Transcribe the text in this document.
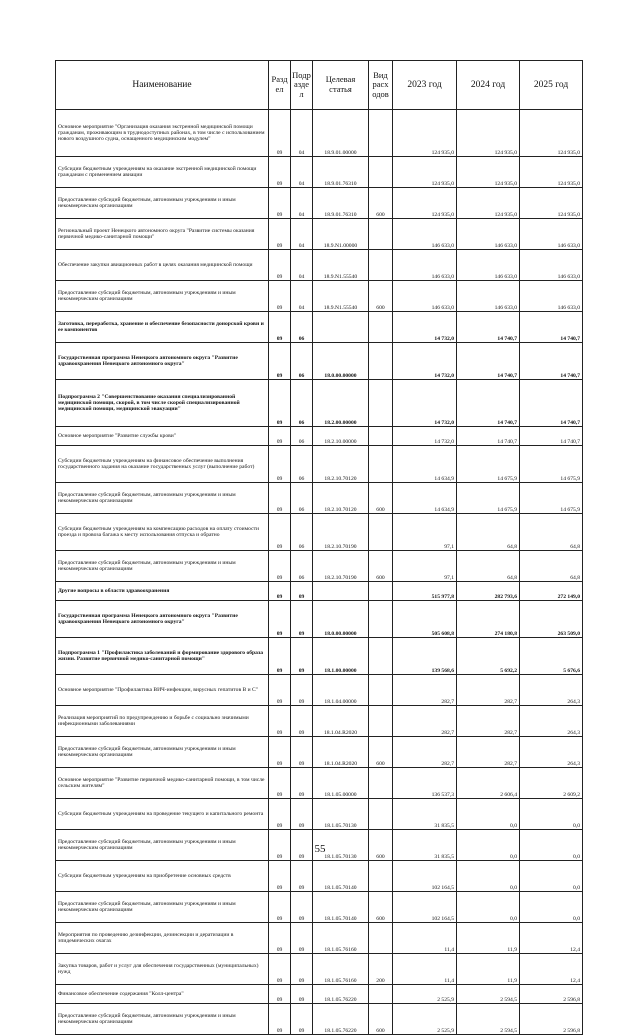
Наименование	Разд ел	Подр азде л	Целевая статья	Вид расх одов	2023 год	2024 год	2025 год
Основное мероприятие "Организация оказания экстренной медицинской помощи гражданам, проживающим в труднодоступных районах, в том числе с использованием нового воздушного судна, оснащенного медицинским модулем"	09	04	18.9.01.00000		124 935,0	124 935,0	124 935,0
Субсидии бюджетным учреждениям на оказание экстренной медицинской помощи гражданам с применением авиации	09	04	18.9.01.76310		124 935,0	124 935,0	124 935,0
Предоставление субсидий бюджетным, автономным учреждениям и иным некоммерческим организациям	09	04	18.9.01.76310	600	124 935,0	124 935,0	124 935,0
Региональный проект Ненецкого автономного округа "Развитие системы оказания первичной медико-санитарной помощи"	09	04	18.9.N1.00000		146 633,0	146 633,0	146 633,0
Обеспечение закупки авиационных работ в целях оказания медицинской помощи	09	04	18.9.N1.55540		146 633,0	146 633,0	146 633,0
Предоставление субсидий бюджетным, автономным учреждениям и иным некоммерческим организациям	09	04	18.9.N1.55540	600	146 633,0	146 633,0	146 633,0
Заготовка, переработка, хранение и обеспечение безопасности донорской крови и ее компонентов	09	06			14 732,0	14 740,7	14 740,7
Государственная программа Ненецкого автономного округа "Развитие здравоохранения Ненецкого автономного округа"	09	06	18.0.00.00000		14 732,0	14 740,7	14 740,7
Подпрограмма 2 "Совершенствование оказания специализированной медицинской помощи, скорой, в том числе скорой специализированной медицинской помощи, медицинской эвакуации"	09	06	18.2.00.00000		14 732,0	14 740,7	14 740,7
Основное мероприятие "Развитие службы крови"	09	06	18.2.10.00000		14 732,0	14 740,7	14 740,7
Субсидии бюджетным учреждениям на финансовое обеспечение выполнения государственного задания на оказание государственных услуг (выполнение работ)	09	06	18.2.10.70120		14 634,9	14 675,9	14 675,9
Предоставление субсидий бюджетным, автономным учреждениям и иным некоммерческим организациям	09	06	18.2.10.70120	600	14 634,9	14 675,9	14 675,9
Субсидии бюджетным учреждениям на компенсацию расходов на оплату стоимости проезда и провоза багажа к месту использования отпуска и обратно	09	06	18.2.10.70190		97,1	64,8	64,8
Предоставление субсидий бюджетным, автономным учреждениям и иным некоммерческим организациям	09	06	18.2.10.70190	600	97,1	64,8	64,8
Другие вопросы в области здравоохранения	09	09			515 977,8	282 793,6	272 149,0
Государственная программа Ненецкого автономного округа "Развитие здравоохранения Ненецкого автономного округа"	09	09	18.0.00.00000		505 608,8	274 180,8	263 509,0
Подпрограмма 1 "Профилактика заболеваний и формирование здорового образа жизни. Развитие первичной медико-санитарной помощи"	09	09	18.1.00.00000		139 568,6	5 692,2	5 676,6
Основное мероприятие "Профилактика ВИЧ-инфекции, вирусных гепатитов В и С"	09	09	18.1.04.00000		282,7	282,7	264,3
Реализация мероприятий по предупреждению и борьбе с социально значимыми инфекционными заболеваниями	09	09	18.1.04.R2020		282,7	282,7	264,3
Предоставление субсидий бюджетным, автономным учреждениям и иным некоммерческим организациям	09	09	18.1.04.R2020	600	282,7	282,7	264,3
Основное мероприятие "Развитие первичной медико-санитарной помощи, в том числе сельским жителям"	09	09	18.1.05.00000		136 537,3	2 606,4	2 609,2
Субсидии бюджетным учреждениям на проведение текущего и капитального ремонта	09	09	18.1.05.70130		31 835,5	0,0	0,0
Предоставление субсидий бюджетным, автономным учреждениям и иным некоммерческим организациям	09	09	18.1.05.70130	600	31 835,5	0,0	0,0
Субсидии бюджетным учреждениям на приобретение основных средств	09	09	18.1.05.70140		102 164,5	0,0	0,0
Предоставление субсидий бюджетным, автономным учреждениям и иным некоммерческим организациям	09	09	18.1.05.70140	600	102 164,5	0,0	0,0
Мероприятия по проведению дезинфекции, дезинсекции и дератизации в эпидемических очагах	09	09	18.1.05.76160		11,4	11,9	12,4
Закупка товаров, работ и услуг для обеспечения государственных (муниципальных) нужд	09	09	18.1.05.76160	200	11,4	11,9	12,4
Финансовое обеспечение содержания "Колл-центра"	09	09	18.1.05.76220		2 525,9	2 594,5	2 596,8
Предоставление субсидий бюджетным, автономным учреждениям и иным некоммерческим организациям	09	09	18.1.05.76220	600	2 525,9	2 594,5	2 596,8
55
